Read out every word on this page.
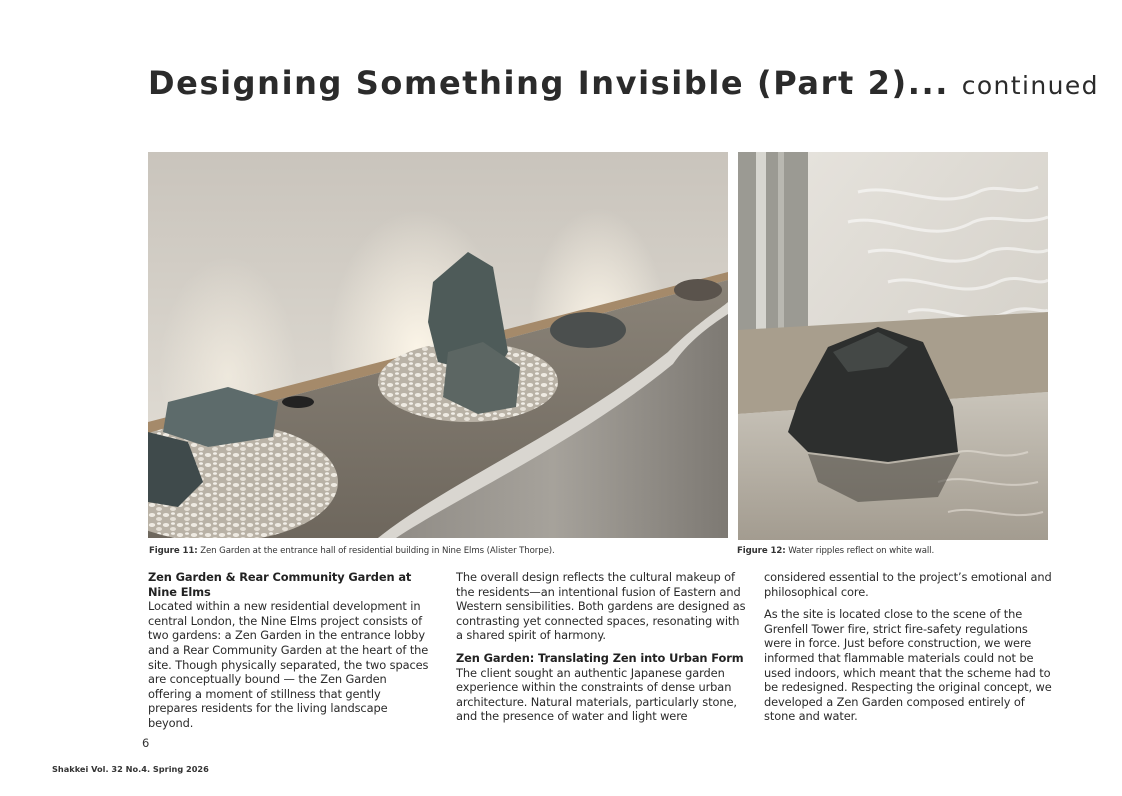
Designing Something Invisible (Part 2)... continued
Figure 11: Zen Garden at the entrance hall of residential building in Nine Elms (Alister Thorpe).	Figure 12: Water ripples reflect on white wall.
Zen Garden & Rear Community Garden at Nine Elms

Located within a new residential development in central London, the Nine Elms project consists of two gardens: a Zen Garden in the entrance lobby and a Rear Community Garden at the heart of the site. Though physically separated, the two spaces are conceptually bound — the Zen Garden offering a moment of stillness that gently prepares residents for the living landscape beyond.

The overall design reflects the cultural makeup of the residents—an intentional fusion of Eastern and Western sensibilities. Both gardens are designed as contrasting yet connected spaces, resonating with a shared spirit of harmony.

Zen Garden: Translating Zen into Urban Form

The client sought an authentic Japanese garden experience within the constraints of dense urban architecture. Natural materials, particularly stone, and the presence of water and light were

considered essential to the project’s emotional and philosophical core.

As the site is located close to the scene of the Grenfell Tower fire, strict fire-safety regulations were in force. Just before construction, we were informed that flammable materials could not be used indoors, which meant that the scheme had to be redesigned. Respecting the original concept, we developed a Zen Garden composed entirely of stone and water.

6
Shakkei Vol. 32 No.4. Spring 2026
